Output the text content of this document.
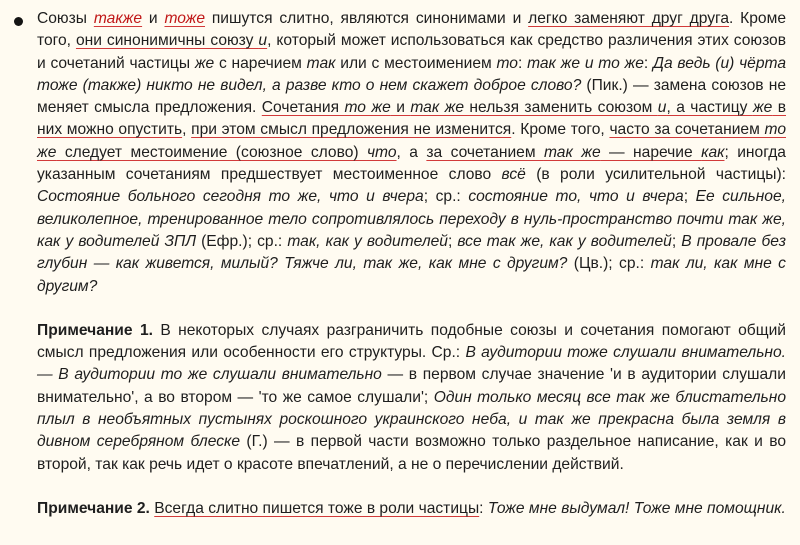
Союзы также и тоже пишутся слитно, являются синонимами и легко заменяют друг друга. Кроме того, они синонимичны союзу и, который может использоваться как средство различения этих союзов и сочетаний частицы же с наречием так или с местоимением то: так же и то же: Да ведь (и) чёрта тоже (также) никто не видел, а разве кто о нем скажет доброе слово? (Пик.) — замена союзов не меняет смысла предложения. Сочетания то же и так же нельзя заменить союзом и, а частицу же в них можно опустить, при этом смысл предложения не изменится. Кроме того, часто за сочетанием то же следует местоимение (союзное слово) что, а за сочетанием так же — наречие как; иногда указанным сочетаниям предшествует местоименное слово всё (в роли усилительной частицы): Состояние больного сегодня то же, что и вчера; ср.: состояние то, что и вчера; Ее сильное, великолепное, тренированное тело сопротивлялось переходу в нуль-пространство почти так же, как у водителей ЗПЛ (Ефр.); ср.: так, как у водителей; все так же, как у водителей; В провале без глубин — как живется, милый? Тяжче ли, так же, как мне с другим? (Цв.); ср.: так ли, как мне с другим?

Примечание 1. В некоторых случаях разграничить подобные союзы и сочетания помогают общий смысл предложения или особенности его структуры. Ср.: В аудитории тоже слушали внимательно. — В аудитории то же слушали внимательно — в первом случае значение 'и в аудитории слушали внимательно', а во втором — 'то же самое слушали'; Один только месяц все так же блистательно плыл в необъятных пустынях роскошного украинского неба, и так же прекрасна была земля в дивном серебряном блеске (Г.) — в первой части возможно только раздельное написание, как и во второй, так как речь идет о красоте впечатлений, а не о перечислении действий.

Примечание 2. Всегда слитно пишется тоже в роли частицы: Тоже мне выдумал! Тоже мне помощник.
